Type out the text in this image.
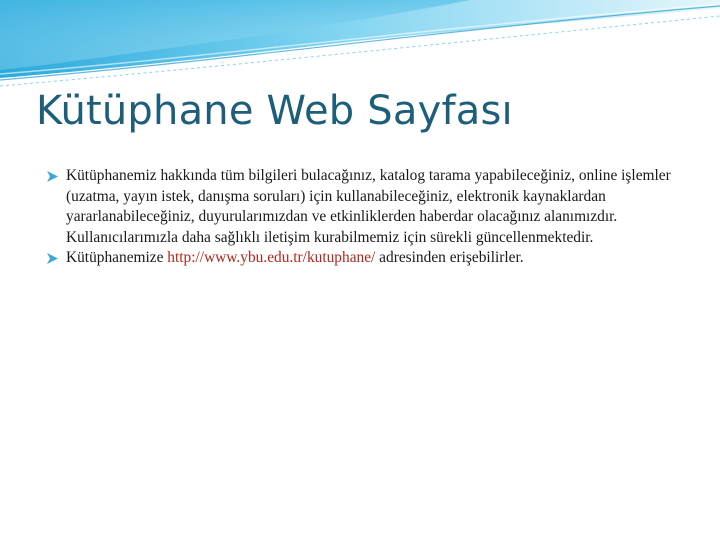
Kütüphane Web Sayfası
Kütüphanemiz hakkında tüm bilgileri bulacağınız, katalog tarama yapabileceğiniz, online işlemler (uzatma, yayın istek, danışma soruları) için kullanabileceğiniz, elektronik kaynaklardan yararlanabileceğiniz, duyurularımızdan ve etkinliklerden haberdar olacağınız alanımızdır. Kullanıcılarımızla daha sağlıklı iletişim kurabilmemiz için sürekli güncellenmektedir.
Kütüphanemize http://www.ybu.edu.tr/kutuphane/ adresinden erişebilirler.
